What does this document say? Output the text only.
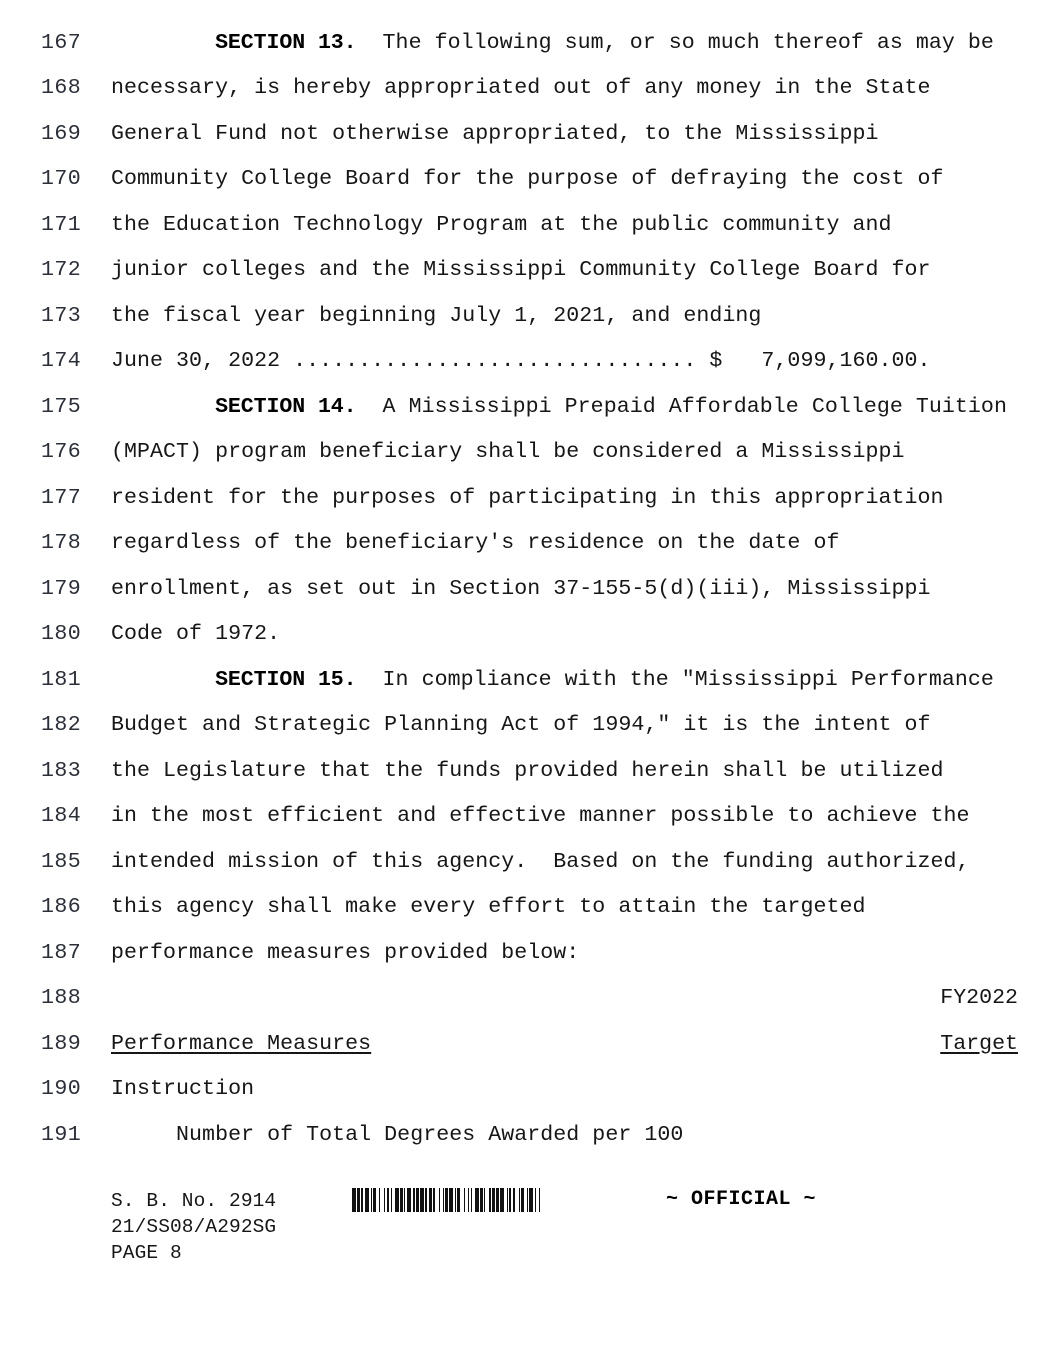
167	SECTION 13.  The following sum, or so much thereof as may be
168	necessary, is hereby appropriated out of any money in the State
169	General Fund not otherwise appropriated, to the Mississippi
170	Community College Board for the purpose of defraying the cost of
171	the Education Technology Program at the public community and
172	junior colleges and the Mississippi Community College Board for
173	the fiscal year beginning July 1, 2021, and ending
174	June 30, 2022 ............................... $   7,099,160.00.
175	SECTION 14.  A Mississippi Prepaid Affordable College Tuition
176	(MPACT) program beneficiary shall be considered a Mississippi
177	resident for the purposes of participating in this appropriation
178	regardless of the beneficiary's residence on the date of
179	enrollment, as set out in Section 37-155-5(d)(iii), Mississippi
180	Code of 1972.
181	SECTION 15.  In compliance with the "Mississippi Performance
182	Budget and Strategic Planning Act of 1994," it is the intent of
183	the Legislature that the funds provided herein shall be utilized
184	in the most efficient and effective manner possible to achieve the
185	intended mission of this agency.  Based on the funding authorized,
186	this agency shall make every effort to attain the targeted
187	performance measures provided below:
188	FY2022
189	Performance Measures	Target
190	Instruction
191	Number of Total Degrees Awarded per 100

S. B. No. 2914

21/SS08/A292SG

PAGE 8

~ OFFICIAL ~
